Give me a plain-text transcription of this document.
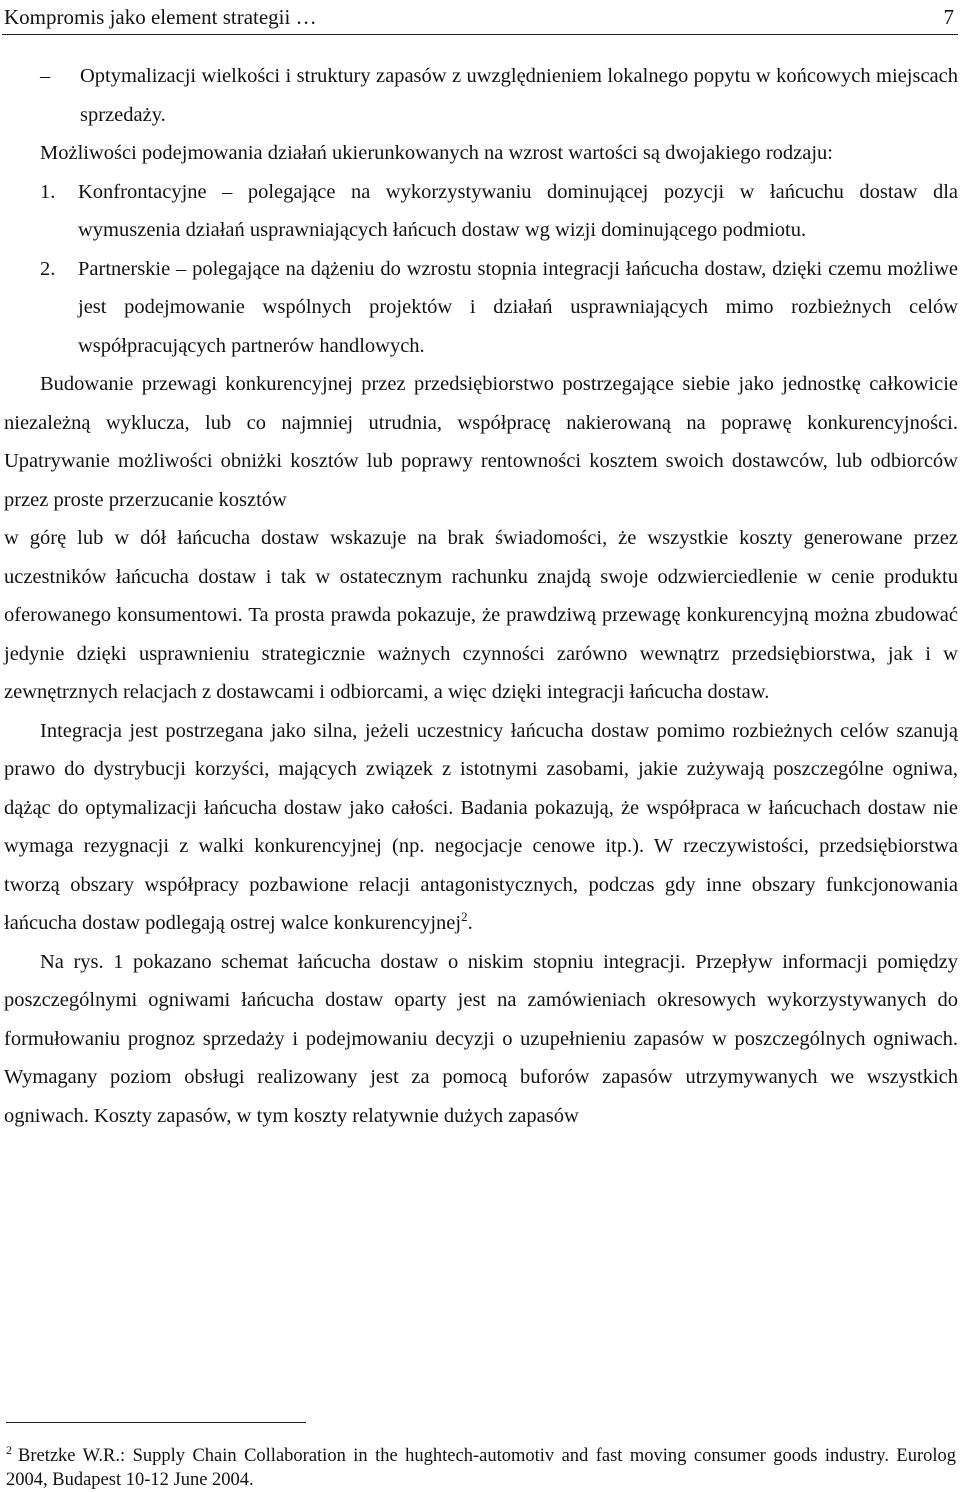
Kompromis jako element strategii …	7

– Optymalizacji wielkości i struktury zapasów z uwzględnieniem lokalnego popytu w końcowych miejscach sprzedaży.

Możliwości podejmowania działań ukierunkowanych na wzrost wartości są dwojakiego rodzaju:

1. Konfrontacyjne – polegające na wykorzystywaniu dominującej pozycji w łańcuchu dostaw dla wymuszenia działań usprawniających łańcuch dostaw wg wizji dominującego podmiotu.

2. Partnerskie – polegające na dążeniu do wzrostu stopnia integracji łańcucha dostaw, dzięki czemu możliwe jest podejmowanie wspólnych projektów i działań usprawniających mimo rozbieżnych celów współpracujących partnerów handlowych.

Budowanie przewagi konkurencyjnej przez przedsiębiorstwo postrzegające siebie jako jednostkę całkowicie niezależną wyklucza, lub co najmniej utrudnia, współpracę nakierowaną na poprawę konkurencyjności. Upatrywanie możliwości obniżki kosztów lub poprawy rentowności kosztem swoich dostawców, lub odbiorców przez proste przerzucanie kosztów

w górę lub w dół łańcucha dostaw wskazuje na brak świadomości, że wszystkie koszty generowane przez uczestników łańcucha dostaw i tak w ostatecznym rachunku znajdą swoje odzwierciedlenie w cenie produktu oferowanego konsumentowi. Ta prosta prawda pokazuje, że prawdziwą przewagę konkurencyjną można zbudować jedynie dzięki usprawnieniu strategicznie ważnych czynności zarówno wewnątrz przedsiębiorstwa, jak i w zewnętrznych relacjach z dostawcami i odbiorcami, a więc dzięki integracji łańcucha dostaw.

Integracja jest postrzegana jako silna, jeżeli uczestnicy łańcucha dostaw pomimo rozbieżnych celów szanują prawo do dystrybucji korzyści, mających związek z istotnymi zasobami, jakie zużywają poszczególne ogniwa, dążąc do optymalizacji łańcucha dostaw jako całości. Badania pokazują, że współpraca w łańcuchach dostaw nie wymaga rezygnacji z walki konkurencyjnej (np. negocjacje cenowe itp.). W rzeczywistości, przedsiębiorstwa tworzą obszary współpracy pozbawione relacji antagonistycznych, podczas gdy inne obszary funkcjonowania łańcucha dostaw podlegają ostrej walce konkurencyjnej$^2$.

Na rys. 1 pokazano schemat łańcucha dostaw o niskim stopniu integracji. Przepływ informacji pomiędzy poszczególnymi ogniwami łańcucha dostaw oparty jest na zamówieniach okresowych wykorzystywanych do formułowaniu prognoz sprzedaży i podejmowaniu decyzji o uzupełnieniu zapasów w poszczególnych ogniwach. Wymagany poziom obsługi realizowany jest za pomocą buforów zapasów utrzymywanych we wszystkich ogniwach. Koszty zapasów, w tym koszty relatywnie dużych zapasów

$^2$ Bretzke W.R.: Supply Chain Collaboration in the hughtech-automotiv and fast moving consumer goods industry. Eurolog 2004, Budapest 10-12 June 2004.
